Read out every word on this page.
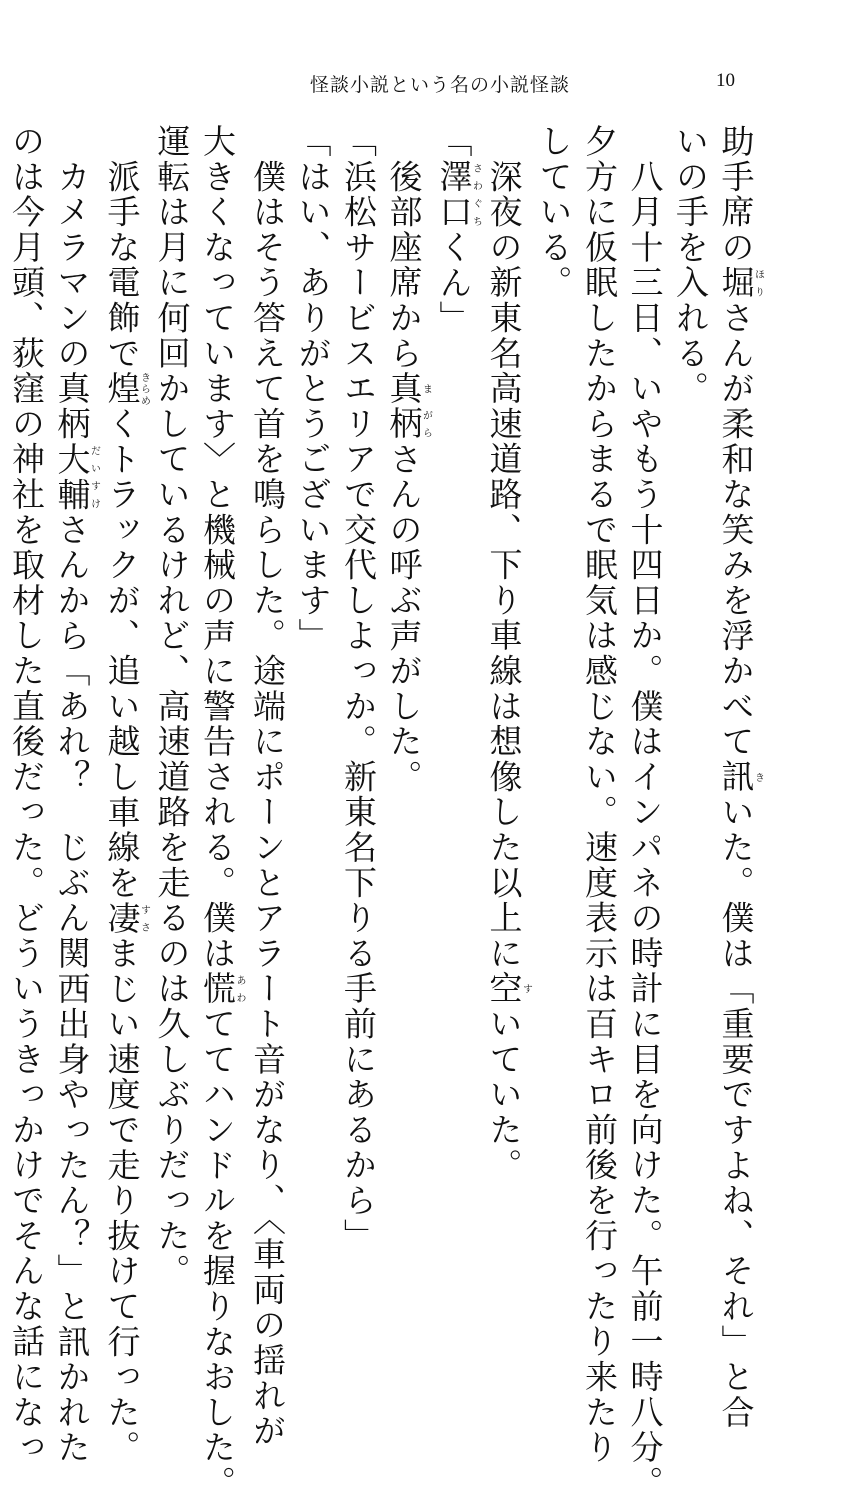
怪談小説という名の小説怪談	10

助手席の堀ほりさんが柔和な笑みを浮かべて訊きいた。僕は「重要ですよね、それ」と合

いの手を入れる。

　八月十三日、いやもう十四日か。僕はインパネの時計に目を向けた。午前一時八分。

夕方に仮眠したからまるで眠気は感じない。速度表示は百キロ前後を行ったり来たり

している。

　深夜の新東名高速道路、下り車線は想像した以上に空すいていた。

「澤口さわぐちくん」

　後部座席から真ま柄がらさんの呼ぶ声がした。

「浜松サービスエリアで交代しよっか。新東名下りる手前にあるから」

「はい、ありがとうございます」

　僕はそう答えて首を鳴らした。途端にポーンとアラート音がなり、〈車両の揺れが

大きくなっています〉と機械の声に警告される。僕は慌あわててハンドルを握りなおした。

運転は月に何回かしているけれど、高速道路を走るのは久しぶりだった。

　派手な電飾で煌きらめくトラックが、追い越し車線を凄すさまじい速度で走り抜けて行った。

　カメラマンの真柄大輔だいすけさんから「あれ？　じぶん関西出身やったん？」と訊かれた

のは今月頭、荻窪の神社を取材した直後だった。どういうきっかけでそんな話になっ
